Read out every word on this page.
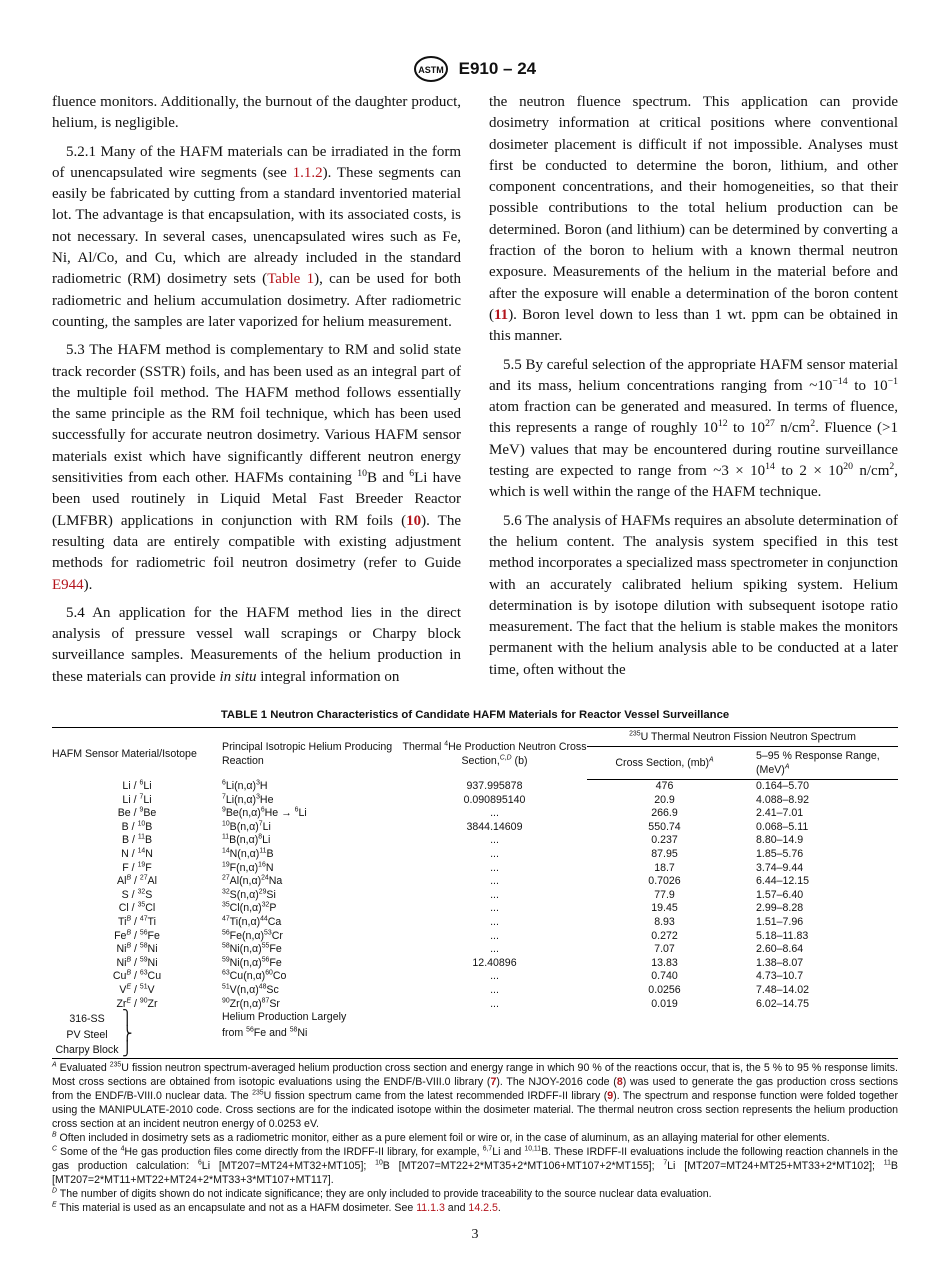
ASTM E910 – 24

fluence monitors. Additionally, the burnout of the daughter product, helium, is negligible.

5.2.1 Many of the HAFM materials can be irradiated in the form of unencapsulated wire segments (see 1.1.2). These segments can easily be fabricated by cutting from a standard inventoried material lot. The advantage is that encapsulation, with its associated costs, is not necessary. In several cases, unencapsulated wires such as Fe, Ni, Al/Co, and Cu, which are already included in the standard radiometric (RM) dosimetry sets (Table 1), can be used for both radiometric and helium accumulation dosimetry. After radiometric counting, the samples are later vaporized for helium measurement.

5.3 The HAFM method is complementary to RM and solid state track recorder (SSTR) foils, and has been used as an integral part of the multiple foil method. The HAFM method follows essentially the same principle as the RM foil technique, which has been used successfully for accurate neutron dosimetry. Various HAFM sensor materials exist which have significantly different neutron energy sensitivities from each other. HAFMs containing $^{10}$B and $^6$Li have been used routinely in Liquid Metal Fast Breeder Reactor (LMFBR) applications in conjunction with RM foils (10). The resulting data are entirely compatible with existing adjustment methods for radiometric foil neutron dosimetry (refer to Guide E944).

5.4 An application for the HAFM method lies in the direct analysis of pressure vessel wall scrapings or Charpy block surveillance samples. Measurements of the helium production in these materials can provide in situ integral information on

the neutron fluence spectrum. This application can provide dosimetry information at critical positions where conventional dosimeter placement is difficult if not impossible. Analyses must first be conducted to determine the boron, lithium, and other component concentrations, and their homogeneities, so that their possible contributions to the total helium production can be determined. Boron (and lithium) can be determined by converting a fraction of the boron to helium with a known thermal neutron exposure. Measurements of the helium in the material before and after the exposure will enable a determination of the boron content (11). Boron level down to less than 1 wt. ppm can be obtained in this manner.

5.5 By careful selection of the appropriate HAFM sensor material and its mass, helium concentrations ranging from $\sim 10^{-14}$ to $10^{-1}$ atom fraction can be generated and measured. In terms of fluence, this represents a range of roughly $10^{12}$ to $10^{27}$ $n/cm^2$. Fluence (>1 MeV) values that may be encountered during routine surveillance testing are expected to range from ~3 × $10^{14}$ to $2 \times 10^{20}$ $n/cm^2$, which is well within the range of the HAFM technique.

5.6 The analysis of HAFMs requires an absolute determination of the helium content. The analysis system specified in this test method incorporates a specialized mass spectrometer in conjunction with an accurately calibrated helium spiking system. Helium determination is by isotope dilution with subsequent isotope ratio measurement. The fact that the helium is stable makes the monitors permanent with the helium analysis able to be conducted at a later time, often without the

TABLE 1 Neutron Characteristics of Candidate HAFM Materials for Reactor Vessel Surveillance
HAFM Sensor Material/Isotope	Principal Isotropic Helium Producing Reaction	Thermal $^4$He Production Neutron Cross Section,$^{C,D}$ (b)	$^{235}$U Thermal Neutron Fission Neutron Spectrum	
			Cross Section, (mb)$^A$	5–95 % Response Range, (MeV)$^A$
Li / $^6$Li	$^6Li(n,\alpha)^3H$	937.995878	476	0.164–5.70
Li / $^7$Li	$^7Li(n,\alpha)^3He$	0.090895140	20.9	4.088–8.92
Be / $^9$Be	$^9Be(n,\alpha)^6He \to ^6Li$	...	266.9	2.41–7.01
B / $^{10}$B	$^{10}B(n,\alpha)^7Li$	3844.14609	550.74	0.068–5.11
B / $^{11}$B	$^{11}B(n,\alpha)^8Li$	...	0.237	8.80–14.9
N / $^{14}$N	$^{14}N(n,\alpha)^{11}B$	...	87.95	1.85–5.76
F / $^{19}$F	$^{19}F(n,\alpha)^{16}N$	...	18.7	3.74–9.44
$Al^B / ^{27}Al$	$^{27}Al(n,\alpha)^{24}Na$	...	0.7026	6.44–12.15
S / $^{32}$S	$^{32}S(n,\alpha)^{29}Si$	...	77.9	1.57–6.40
Cl / $^{35}$Cl	$^{35}Cl(n,\alpha)^{32}P$	...	19.45	2.99–8.28
$Ti^B / ^{47}Ti$	$^{47}Ti(n,\alpha)^{44}Ca$	...	8.93	1.51–7.96
$Fe^B / ^{56}Fe$	$^{56}Fe(n,\alpha)^{53}Cr$	...	0.272	5.18–11.83
$Ni^B / ^{58}Ni$	$^{58}Ni(n,\alpha)^{55}Fe$	...	7.07	2.60–8.64
$Ni^B / ^{59}Ni$	$^{59}Ni(n,\alpha)^{56}Fe$	12.40896	13.83	1.38–8.07
$Cu^B / ^{63}Cu$	$^{63}Cu(n,\alpha)^{60}Co$	...	0.740	4.73–10.7
$V^E / ^{51}V$	$^{51}V(n,\alpha)^{48}Sc$	...	0.0256	7.48–14.02
$Zr^E / ^{90}Zr$	$^{90}Zr(n,\alpha)^{87}Sr$	...	0.019	6.02–14.75
316-SS ⎫	Helium Production Largely			
PV Steel ⎬	from $^{56}$Fe and $^{58}$Ni			
Charpy Block ⎭				
$^A$ Evaluated $^{235}$U fission neutron spectrum-averaged helium production cross section and energy range in which 90 % of the reactions occur, that is, the 5 % to 95 % response limits. Most cross sections are obtained from isotopic evaluations using the ENDF/B-VIII.0 library (7). The NJOY-2016 code (8) was used to generate the gas production cross sections from the ENDF/B-VIII.0 nuclear data. The $^{235}$U fission spectrum came from the latest recommended IRDFF-II library (9). The spectrum and response function were folded together using the MANIPULATE-2010 code. Cross sections are for the indicated isotope within the dosimeter material. The thermal neutron cross section represents the helium production cross section at an incident neutron energy of 0.0253 eV.
$^B$ Often included in dosimetry sets as a radiometric monitor, either as a pure element foil or wire or, in the case of aluminum, as an allaying material for other elements.
$^C$ Some of the $^4$He gas production files come directly from the IRDFF-II library, for example, $^{6,7}$Li and $^{10,11}$B. These IRDFF-II evaluations include the following reaction channels in the gas production calculation: $^6$Li [MT207=MT24+MT32+MT105]; $^{10}$B [MT207=MT22+2*MT35+2*MT106+MT107+2*MT155]; $^7$Li [MT207=MT24+MT25+MT33+2*MT102]; $^{11}$B [MT207=2*MT11+MT22+MT24+2*MT33+3*MT107+MT117].
$^D$ The number of digits shown do not indicate significance; they are only included to provide traceability to the source nuclear data evaluation.
$^E$ This material is used as an encapsulate and not as a HAFM dosimeter. See 11.1.3 and 14.2.5.
3
